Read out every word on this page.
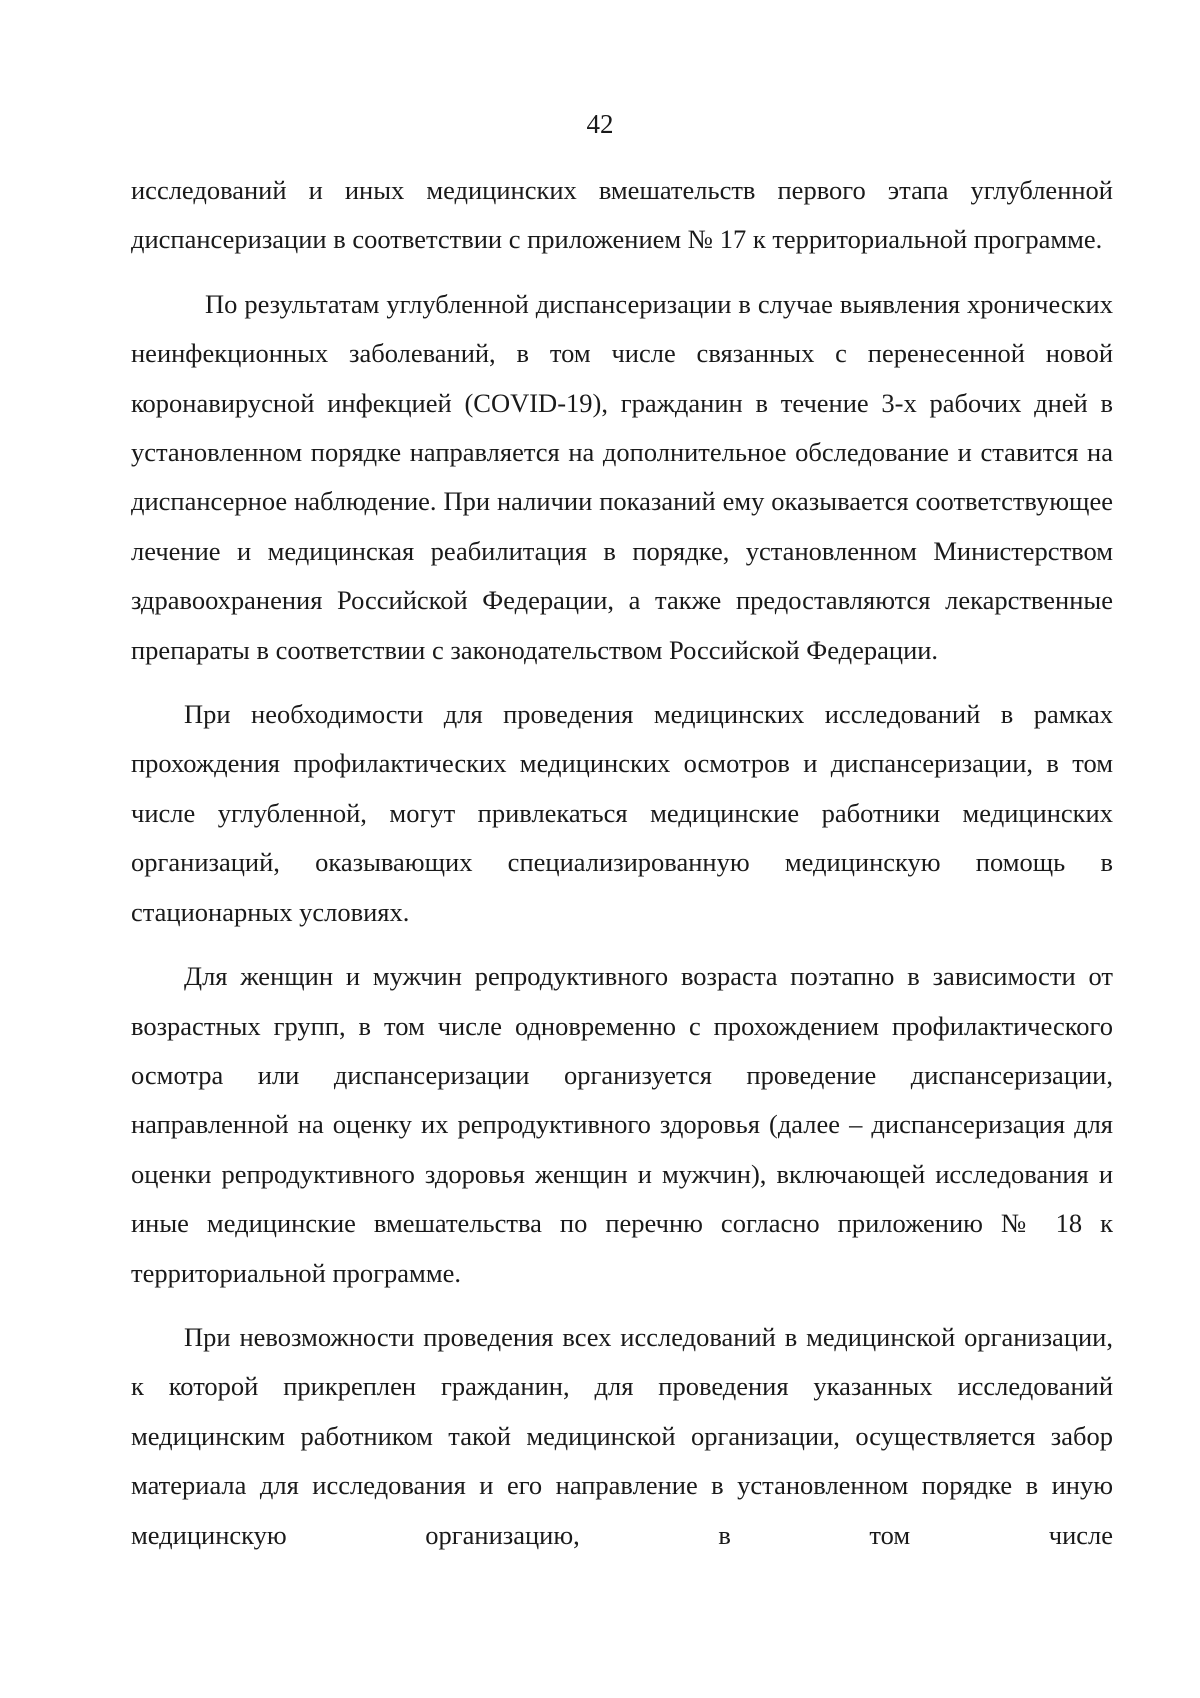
42

исследований и иных медицинских вмешательств первого этапа углубленной диспансеризации в соответствии с приложением № 17 к территориальной программе.

По результатам углубленной диспансеризации в случае выявления хронических неинфекционных заболеваний, в том числе связанных с перенесенной новой коронавирусной инфекцией (COVID-19), гражданин в течение 3-х рабочих дней в установленном порядке направляется на дополнительное обследование и ставится на диспансерное наблюдение. При наличии показаний ему оказывается соответствующее лечение и медицинская реабилитация в порядке, установленном Министерством здравоохранения Российской Федерации, а также предоставляются лекарственные препараты в соответствии с законодательством Российской Федерации.

При необходимости для проведения медицинских исследований в рамках прохождения профилактических медицинских осмотров и диспансеризации, в том числе углубленной, могут привлекаться медицинские работники медицинских организаций, оказывающих специализированную медицинскую помощь в стационарных условиях.

Для женщин и мужчин репродуктивного возраста поэтапно в зависимости от возрастных групп, в том числе одновременно с прохождением профилактического осмотра или диспансеризации организуется проведение диспансеризации, направленной на оценку их репродуктивного здоровья (далее – диспансеризация для оценки репродуктивного здоровья женщин и мужчин), включающей исследования и иные медицинские вмешательства по перечню согласно приложению № 18 к территориальной программе.

При невозможности проведения всех исследований в медицинской организации, к которой прикреплен гражданин, для проведения указанных исследований медицинским работником такой медицинской организации, осуществляется забор материала для исследования и его направление в установленном порядке в иную медицинскую организацию, в том числе
